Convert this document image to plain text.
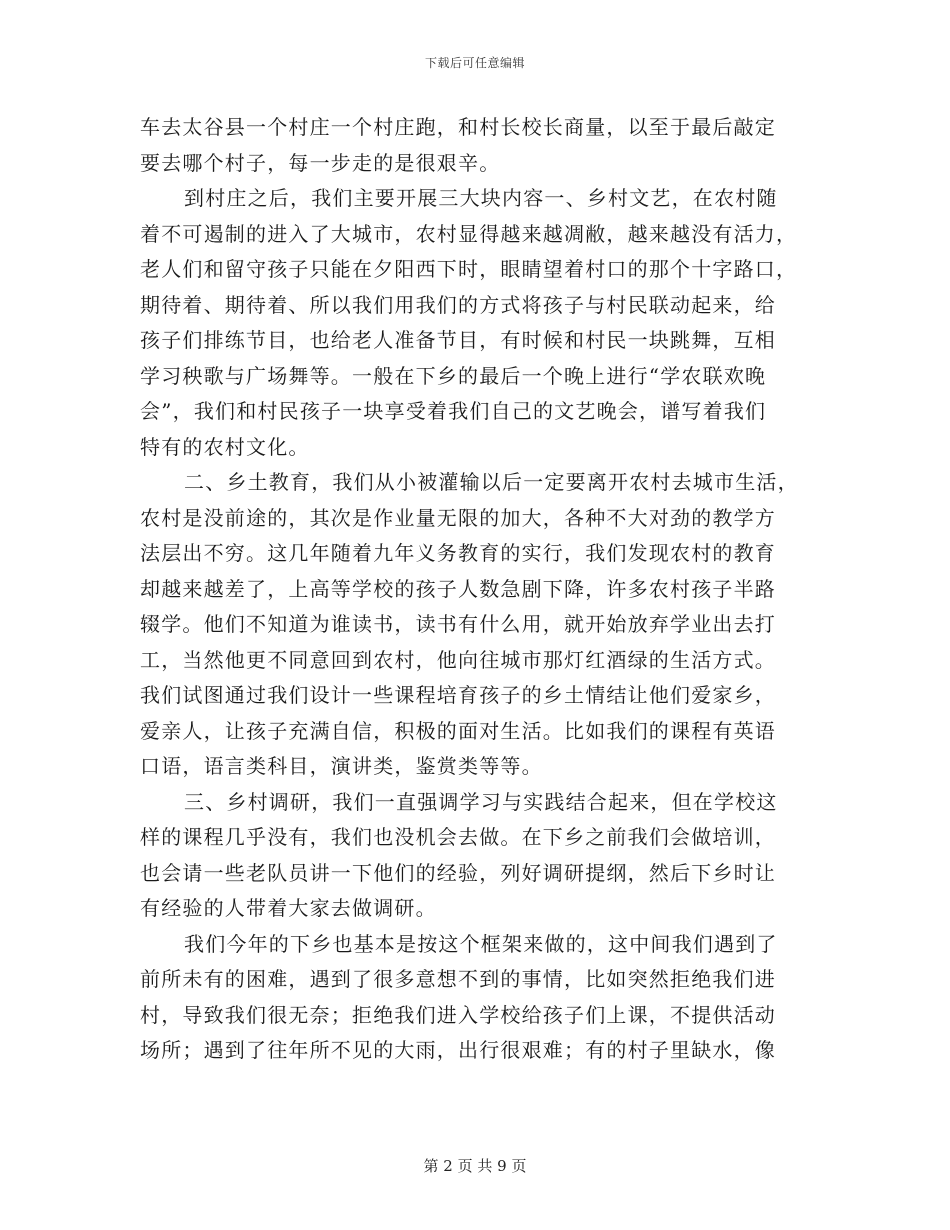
下载后可任意编辑

车去太谷县一个村庄一个村庄跑，和村长校长商量，以至于最后敲定
要去哪个村子，每一步走的是很艰辛。

到村庄之后，我们主要开展三大块内容一、乡村文艺，在农村随
着不可遏制的进入了大城市，农村显得越来越凋敝，越来越没有活力，
老人们和留守孩子只能在夕阳西下时，眼睛望着村口的那个十字路口，
期待着、期待着、所以我们用我们的方式将孩子与村民联动起来，给
孩子们排练节目，也给老人准备节目，有时候和村民一块跳舞，互相
学习秧歌与广场舞等。一般在下乡的最后一个晚上进行“学农联欢晚
会”，我们和村民孩子一块享受着我们自己的文艺晚会，谱写着我们
特有的农村文化。

二、乡土教育，我们从小被灌输以后一定要离开农村去城市生活，
农村是没前途的，其次是作业量无限的加大，各种不大对劲的教学方
法层出不穷。这几年随着九年义务教育的实行，我们发现农村的教育
却越来越差了，上高等学校的孩子人数急剧下降，许多农村孩子半路
辍学。他们不知道为谁读书，读书有什么用，就开始放弃学业出去打
工，当然他更不同意回到农村，他向往城市那灯红酒绿的生活方式。
我们试图通过我们设计一些课程培育孩子的乡土情结让他们爱家乡，
爱亲人，让孩子充满自信，积极的面对生活。比如我们的课程有英语
口语，语言类科目，演讲类，鉴赏类等等。

三、乡村调研，我们一直强调学习与实践结合起来，但在学校这
样的课程几乎没有，我们也没机会去做。在下乡之前我们会做培训，
也会请一些老队员讲一下他们的经验，列好调研提纲，然后下乡时让
有经验的人带着大家去做调研。

我们今年的下乡也基本是按这个框架来做的，这中间我们遇到了
前所未有的困难，遇到了很多意想不到的事情，比如突然拒绝我们进
村，导致我们很无奈；拒绝我们进入学校给孩子们上课，不提供活动
场所；遇到了往年所不见的大雨，出行很艰难；有的村子里缺水，像

第 2 页 共 9 页
